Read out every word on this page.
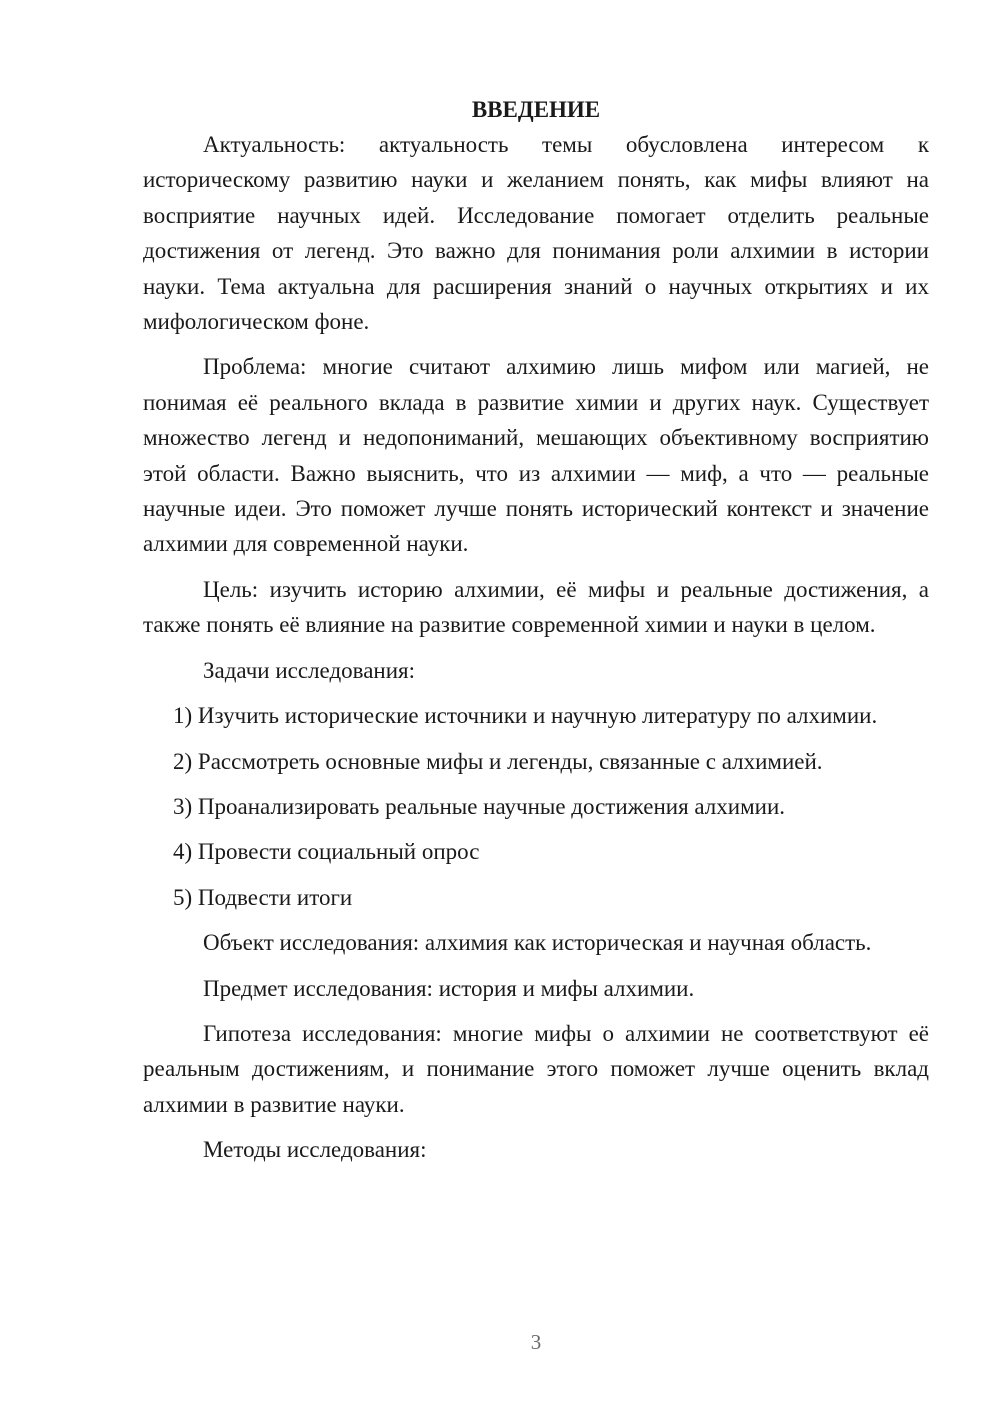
ВВЕДЕНИЕ

Актуальность: актуальность темы обусловлена интересом к историческому развитию науки и желанием понять, как мифы влияют на восприятие научных идей. Исследование помогает отделить реальные достижения от легенд. Это важно для понимания роли алхимии в истории науки. Тема актуальна для расширения знаний о научных открытиях и их мифологическом фоне.

Проблема: многие считают алхимию лишь мифом или магией, не понимая её реального вклада в развитие химии и других наук. Существует множество легенд и недопониманий, мешающих объективному восприятию этой области. Важно выяснить, что из алхимии — миф, а что — реальные научные идеи. Это поможет лучше понять исторический контекст и значение алхимии для современной науки.

Цель: изучить историю алхимии, её мифы и реальные достижения, а также понять её влияние на развитие современной химии и науки в целом.

Задачи исследования:

1) Изучить исторические источники и научную литературу по алхимии.

2) Рассмотреть основные мифы и легенды, связанные с алхимией.

3) Проанализировать реальные научные достижения алхимии.

4) Провести социальный опрос

5) Подвести итоги

Объект исследования: алхимия как историческая и научная область.

Предмет исследования: история и мифы алхимии.

Гипотеза исследования: многие мифы о алхимии не соответствуют её реальным достижениям, и понимание этого поможет лучше оценить вклад алхимии в развитие науки.

Методы исследования:

3
